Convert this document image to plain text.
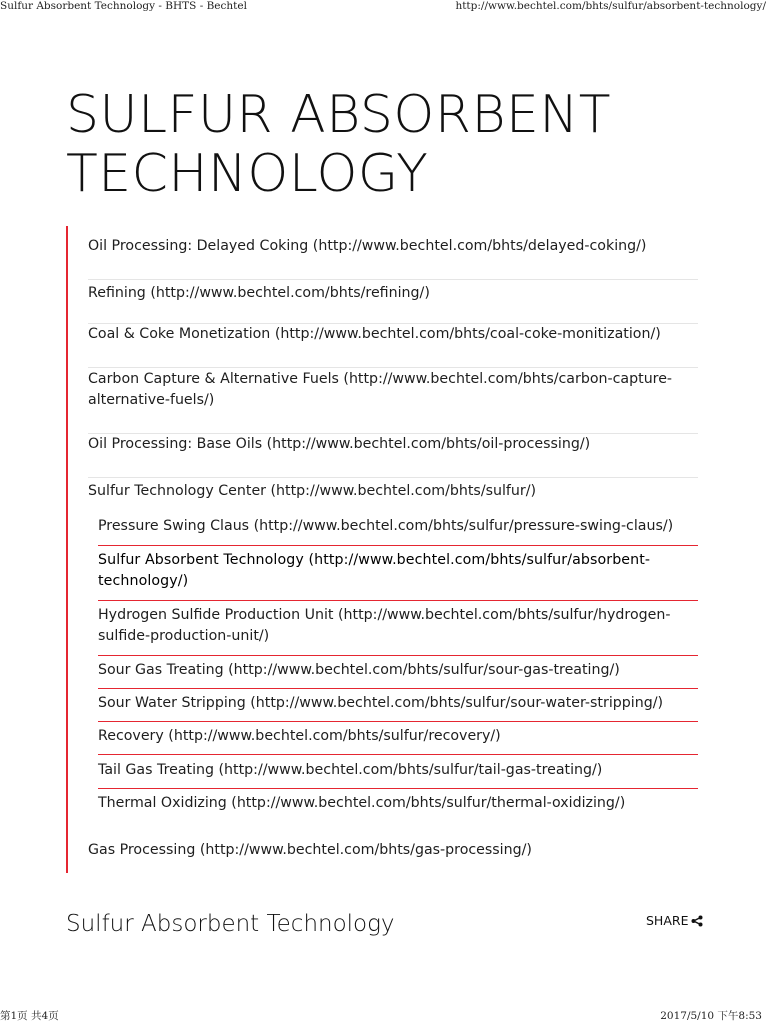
Sulfur Absorbent Technology - BHTS - Bechtel	http://www.bechtel.com/bhts/sulfur/absorbent-technology/
SULFUR ABSORBENT
TECHNOLOGY
Oil Processing: Delayed Coking (http://www.bechtel.com/bhts/delayed-coking/)
Refining (http://www.bechtel.com/bhts/refining/)
Coal & Coke Monetization (http://www.bechtel.com/bhts/coal-coke-monitization/)
Carbon Capture & Alternative Fuels (http://www.bechtel.com/bhts/carbon-capture-alternative-fuels/)
Oil Processing: Base Oils (http://www.bechtel.com/bhts/oil-processing/)
Sulfur Technology Center (http://www.bechtel.com/bhts/sulfur/)
Pressure Swing Claus (http://www.bechtel.com/bhts/sulfur/pressure-swing-claus/)
Sulfur Absorbent Technology (http://www.bechtel.com/bhts/sulfur/absorbent-technology/)
Hydrogen Sulfide Production Unit (http://www.bechtel.com/bhts/sulfur/hydrogen-sulfide-production-unit/)
Sour Gas Treating (http://www.bechtel.com/bhts/sulfur/sour-gas-treating/)
Sour Water Stripping (http://www.bechtel.com/bhts/sulfur/sour-water-stripping/)
Recovery (http://www.bechtel.com/bhts/sulfur/recovery/)
Tail Gas Treating (http://www.bechtel.com/bhts/sulfur/tail-gas-treating/)
Thermal Oxidizing (http://www.bechtel.com/bhts/sulfur/thermal-oxidizing/)
Gas Processing (http://www.bechtel.com/bhts/gas-processing/)
Sulfur Absorbent Technology	SHARE
第1页 共4页	2017/5/10 下午8:53
